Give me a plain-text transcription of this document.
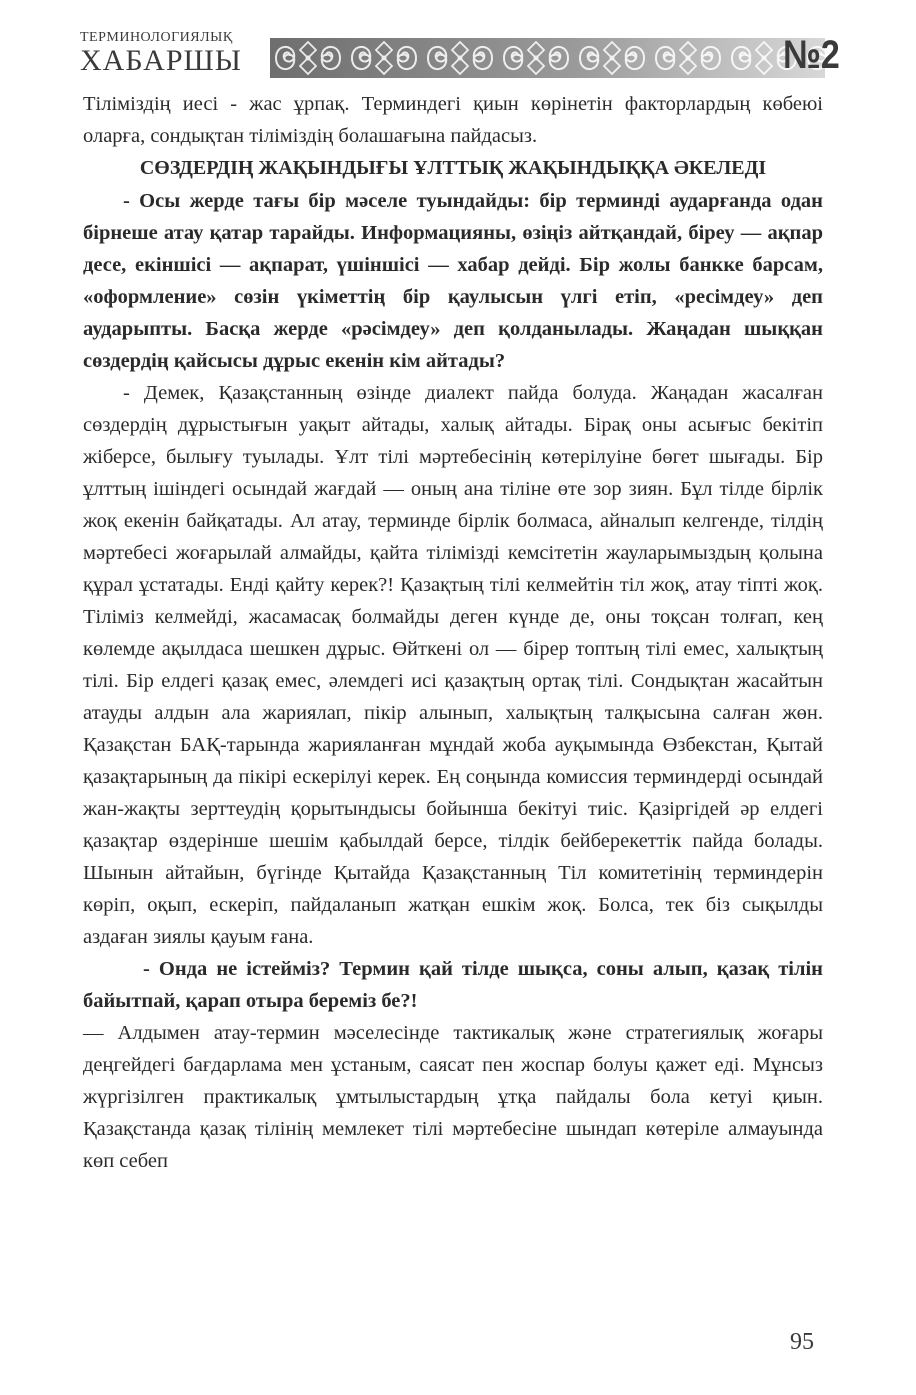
ТЕРМИНОЛОГИЯЛЫҚ
ХАБАРШЫ	№2

Тіліміздің иесі - жас ұрпақ. Терминдегі қиын көрінетін факторлардың көбеюі оларға, сондықтан тіліміздің болашағына пайдасыз.

СӨЗДЕРДІҢ ЖАҚЫНДЫҒЫ ҰЛТТЫҚ ЖАҚЫНДЫҚҚА ӘКЕЛЕДІ

- Осы жерде тағы бір мәселе туындайды: бір терминді аударғанда одан бірнеше атау қатар тарайды. Информацияны, өзіңіз айтқандай, біреу — ақпар десе, екіншісі — ақпарат, үшіншісі — хабар дейді. Бір жолы банкке барсам, «оформление» сөзін үкіметтің бір қаулысын үлгі етіп, «ресімдеу» деп аударыпты. Басқа жерде «рәсімдеу» деп қолданылады. Жаңадан шыққан сөздердің қайсысы дұрыс екенін кім айтады?

- Демек, Қазақстанның өзінде диалект пайда болуда. Жаңадан жасалған сөздердің дұрыстығын уақыт айтады, халық айтады. Бірақ оны асығыс бекітіп жіберсе, былығу туылады. Ұлт тілі мәртебесінің көтерілуіне бөгет шығады. Бір ұлттың ішіндегі осындай жағдай — оның ана тіліне өте зор зиян. Бұл тілде бірлік жоқ екенін байқатады. Ал атау, терминде бірлік болмаса, айналып келгенде, тілдің мәртебесі жоғарылай алмайды, қайта тілімізді кемсітетін жауларымыздың қолына құрал ұстатады. Енді қайту керек?! Қазақтың тілі келмейтін тіл жоқ, атау тіпті жоқ. Тіліміз келмейді, жасамасақ болмайды деген күнде де, оны тоқсан толғап, кең көлемде ақылдаса шешкен дұрыс. Өйткені ол — бірер топтың тілі емес, халықтың тілі. Бір елдегі қазақ емес, әлемдегі исі қазақтың ортақ тілі. Сондықтан жасайтын атауды алдын ала жариялап, пікір алынып, халықтың талқысына салған жөн. Қазақстан БАҚ-тарында жарияланған мұндай жоба ауқымында Өзбекстан, Қытай қазақтарының да пікірі ескерілуі керек. Ең соңында комиссия терминдерді осындай жан-жақты зерттеудің қорытындысы бойынша бекітуі тиіс. Қазіргідей әр елдегі қазақтар өздерінше шешім қабылдай берсе, тілдік бейберекеттік пайда болады. Шынын айтайын, бүгінде Қытайда Қазақстанның Тіл комитетінің терминдерін көріп, оқып, ескеріп, пайдаланып жатқан ешкім жоқ. Болса, тек біз сықылды аздаған зиялы қауым ғана.

- Онда не істейміз? Термин қай тілде шықса, соны алып, қазақ тілін байытпай, қарап отыра береміз бе?!

— Алдымен атау-термин мәселесінде тактикалық және стратегиялық жоғары деңгейдегі бағдарлама мен ұстаным, саясат пен жоспар болуы қажет еді. Мұнсыз жүргізілген практикалық ұмтылыстардың ұтқа пайдалы бола кетуі қиын. Қазақстанда қазақ тілінің мемлекет тілі мәртебесіне шындап көтеріле алмауында көп себеп

95
